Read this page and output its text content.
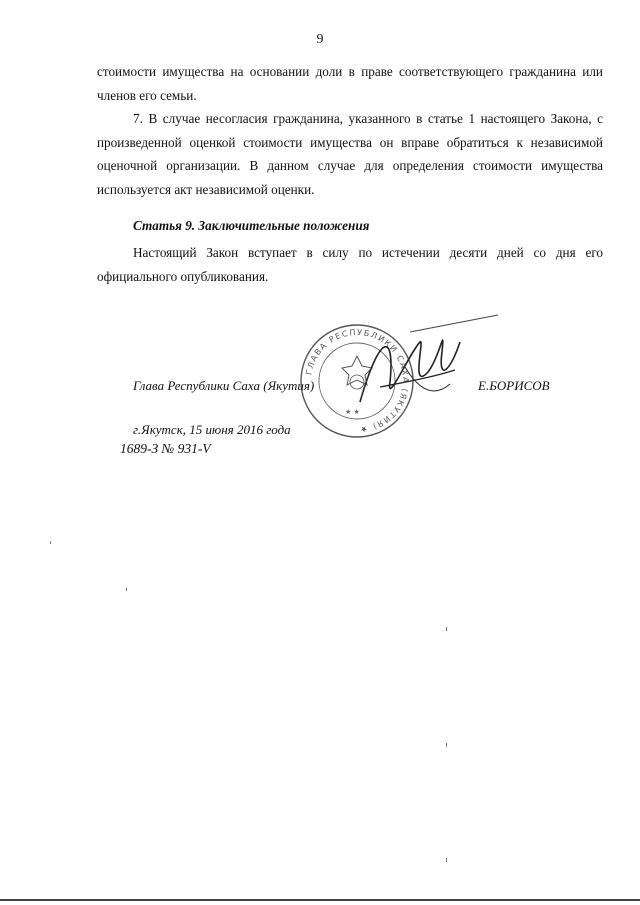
9
стоимости имущества на основании доли в праве соответствующего гражданина или
членов его семьи.
7. В случае несогласия гражданина, указанного в статье 1 настоящего Закона, с произведенной оценкой стоимости имущества он вправе обратиться к независимой оценочной организации. В данном случае для определения стоимости имущества используется акт независимой оценки.
Статья 9. Заключительные положения
Настоящий Закон вступает в силу по истечении десяти дней со дня его официального опубликования.
ГЛАВА РЕСПУБЛИКИ САХА (ЯКУТИЯ) ★
★ ★
Глава Республики Саха (Якутия)	Е.БОРИСОВ
г.Якутск, 15 июня 2016 года
1689-З № 931-V
